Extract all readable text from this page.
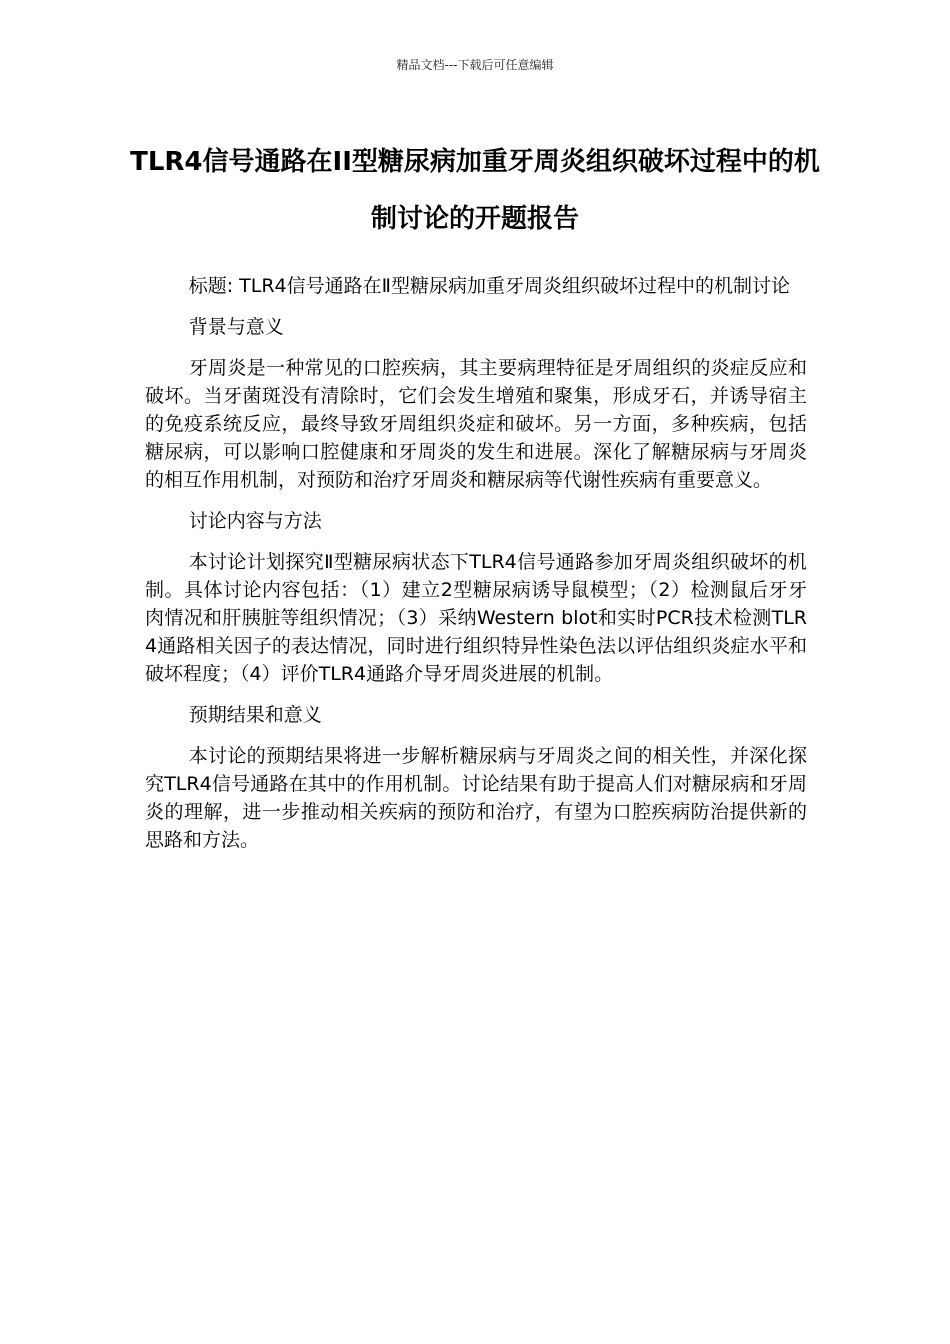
精品文档---下载后可任意编辑
TLR4信号通路在II型糖尿病加重牙周炎组织破坏过程中的机制讨论的开题报告

标题: TLR4信号通路在Ⅱ型糖尿病加重牙周炎组织破坏过程中的机制讨论

背景与意义

牙周炎是一种常见的口腔疾病，其主要病理特征是牙周组织的炎症反应和破坏。当牙菌斑没有清除时，它们会发生增殖和聚集，形成牙石，并诱导宿主的免疫系统反应，最终导致牙周组织炎症和破坏。另一方面，多种疾病，包括糖尿病，可以影响口腔健康和牙周炎的发生和进展。深化了解糖尿病与牙周炎的相互作用机制，对预防和治疗牙周炎和糖尿病等代谢性疾病有重要意义。

讨论内容与方法

本讨论计划探究Ⅱ型糖尿病状态下TLR4信号通路参加牙周炎组织破坏的机制。具体讨论内容包括：（1）建立2型糖尿病诱导鼠模型；（2）检测鼠后牙牙肉情况和肝胰脏等组织情况；（3）采纳Western blot和实时PCR技术检测TLR4通路相关因子的表达情况，同时进行组织特异性染色法以评估组织炎症水平和破坏程度；（4）评价TLR4通路介导牙周炎进展的机制。

预期结果和意义

本讨论的预期结果将进一步解析糖尿病与牙周炎之间的相关性，并深化探究TLR4信号通路在其中的作用机制。讨论结果有助于提高人们对糖尿病和牙周炎的理解，进一步推动相关疾病的预防和治疗，有望为口腔疾病防治提供新的思路和方法。
